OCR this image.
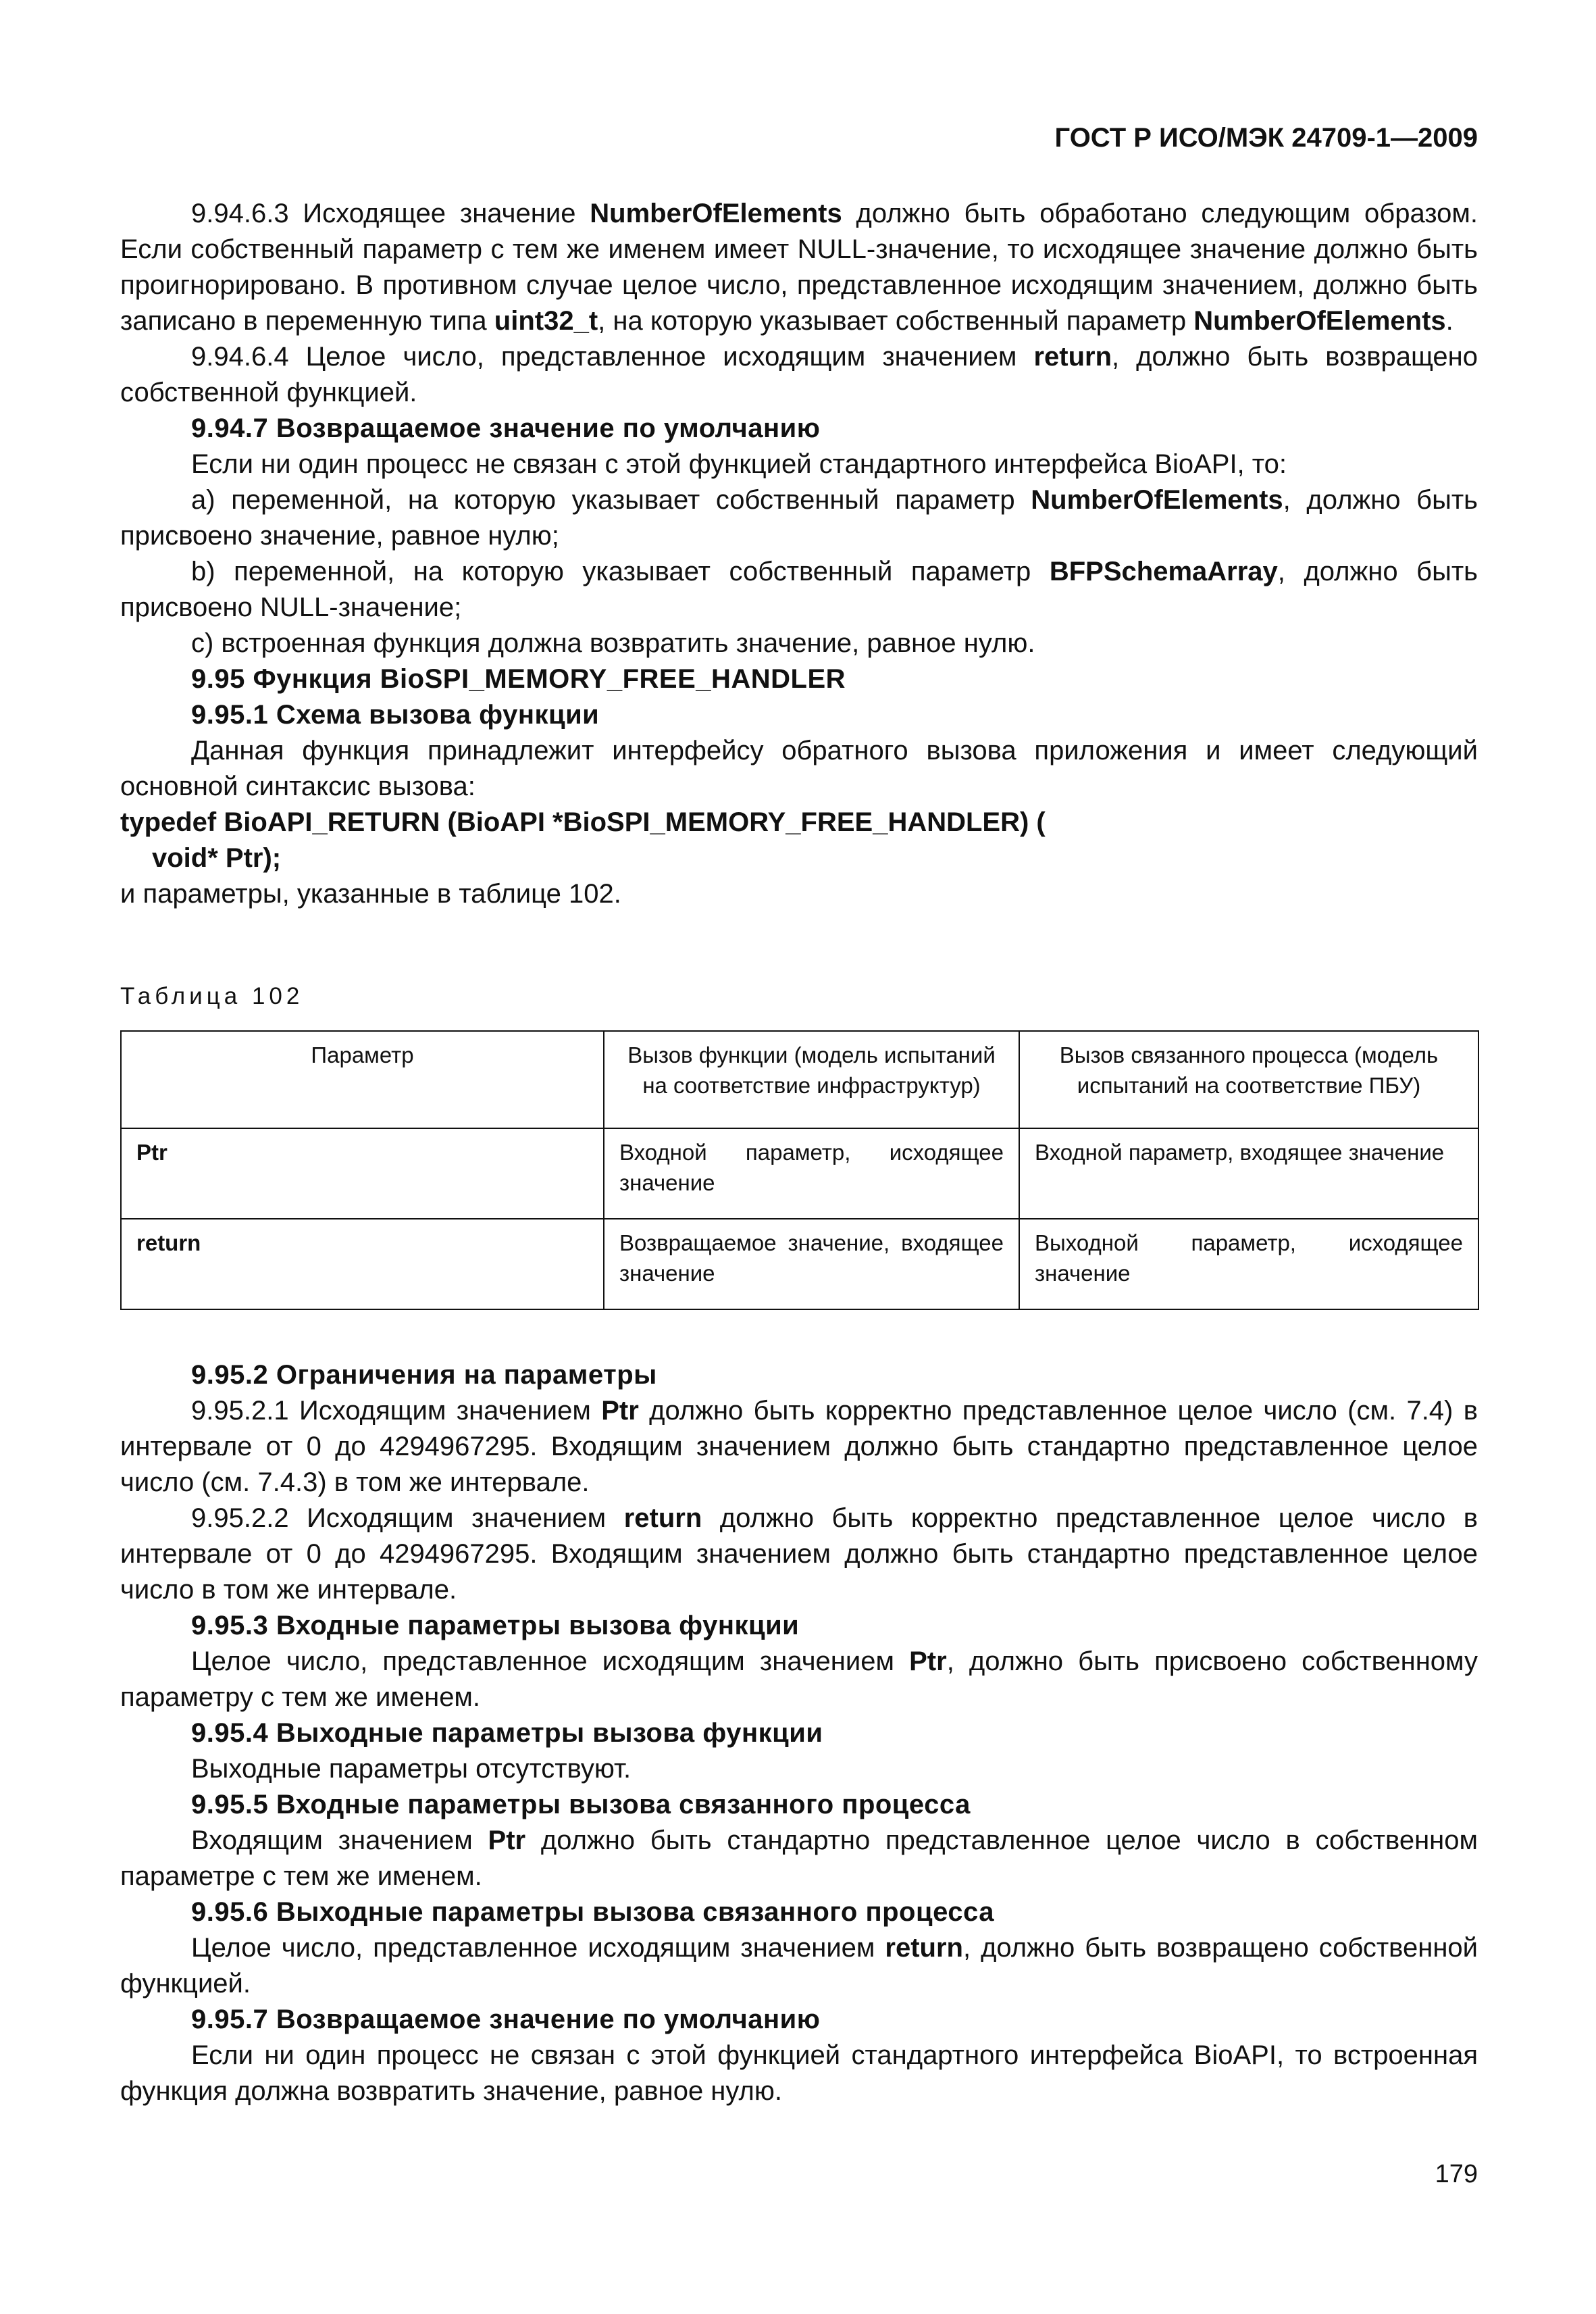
ГОСТ Р ИСО/МЭК 24709-1—2009

9.94.6.3 Исходящее значение NumberOfElements должно быть обработано следующим образом. Если собственный параметр с тем же именем имеет NULL-значение, то исходящее значение должно быть проигнорировано. В противном случае целое число, представленное исходящим значением, должно быть записано в переменную типа uint32_t, на которую указывает собственный параметр NumberOfElements.

9.94.6.4 Целое число, представленное исходящим значением return, должно быть возвращено собственной функцией.

9.94.7 Возвращаемое значение по умолчанию

Если ни один процесс не связан с этой функцией стандартного интерфейса BioAPI, то:

a) переменной, на которую указывает собственный параметр NumberOfElements, должно быть присвоено значение, равное нулю;

b) переменной, на которую указывает собственный параметр BFPSchemaArray, должно быть присвоено NULL-значение;

c) встроенная функция должна возвратить значение, равное нулю.

9.95 Функция BioSPI_MEMORY_FREE_HANDLER
9.95.1 Схема вызова функции

Данная функция принадлежит интерфейсу обратного вызова приложения и имеет следующий основной синтаксис вызова:

typedef BioAPI_RETURN (BioAPI *BioSPI_MEMORY_FREE_HANDLER) (
void* Ptr);

и параметры, указанные в таблице 102.

Таблица 102
Параметр	Вызов функции (модель испытаний на соответствие инфраструктур)	Вызов связанного процесса (модель испытаний на соответствие ПБУ)
Ptr	Входной параметр, исходящее значение	Входной параметр, входящее значение
return	Возвращаемое значение, входящее значение	Выходной параметр, исходящее значение
9.95.2 Ограничения на параметры

9.95.2.1 Исходящим значением Ptr должно быть корректно представленное целое число (см. 7.4) в интервале от 0 до 4294967295. Входящим значением должно быть стандартно представленное целое число (см. 7.4.3) в том же интервале.

9.95.2.2 Исходящим значением return должно быть корректно представленное целое число в интервале от 0 до 4294967295. Входящим значением должно быть стандартно представленное целое число в том же интервале.

9.95.3 Входные параметры вызова функции

Целое число, представленное исходящим значением Ptr, должно быть присвоено собственному параметру с тем же именем.

9.95.4 Выходные параметры вызова функции

Выходные параметры отсутствуют.

9.95.5 Входные параметры вызова связанного процесса

Входящим значением Ptr должно быть стандартно представленное целое число в собственном параметре с тем же именем.

9.95.6 Выходные параметры вызова связанного процесса

Целое число, представленное исходящим значением return, должно быть возвращено собственной функцией.

9.95.7 Возвращаемое значение по умолчанию

Если ни один процесс не связан с этой функцией стандартного интерфейса BioAPI, то встроенная функция должна возвратить значение, равное нулю.

179
